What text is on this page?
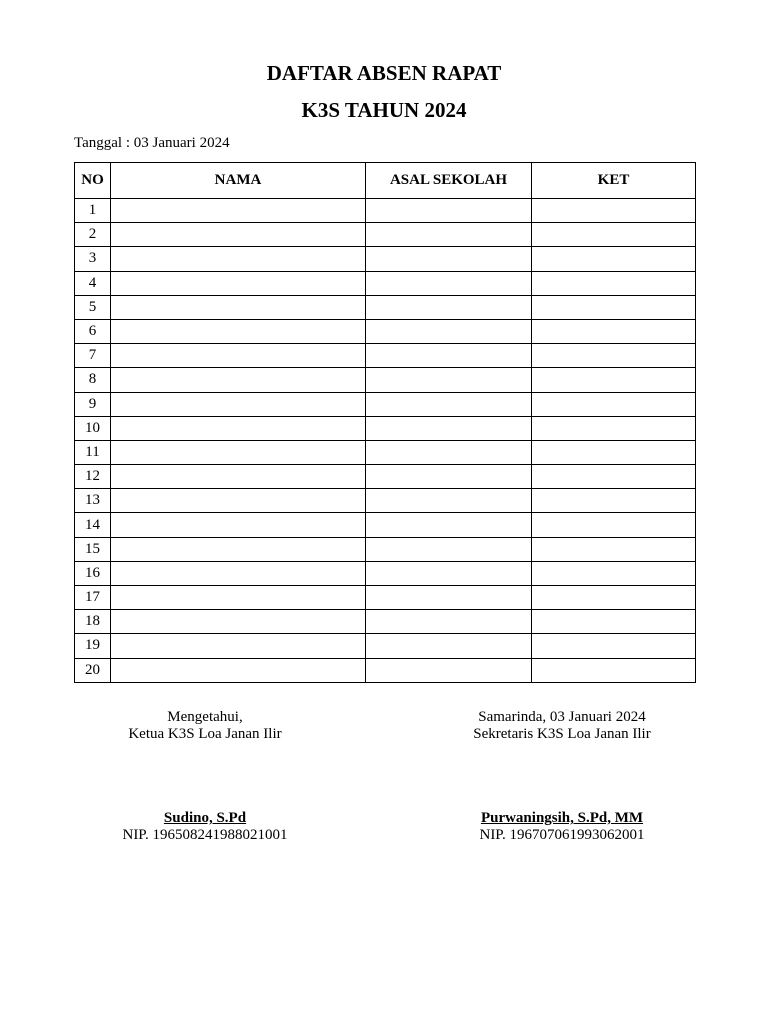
DAFTAR ABSEN RAPAT
K3S TAHUN 2024
Tanggal : 03 Januari 2024
NO	NAMA	ASAL SEKOLAH	KET
1			
2			
3			
4			
5			
6			
7			
8			
9			
10			
11			
12			
13			
14			
15			
16			
17			
18			
19			
20			
Mengetahui,
Ketua K3S Loa Janan Ilir
Samarinda, 03 Januari 2024
Sekretaris K3S Loa Janan Ilir
Sudino, S.Pd
NIP. 196508241988021001
Purwaningsih, S.Pd, MM
NIP. 196707061993062001
